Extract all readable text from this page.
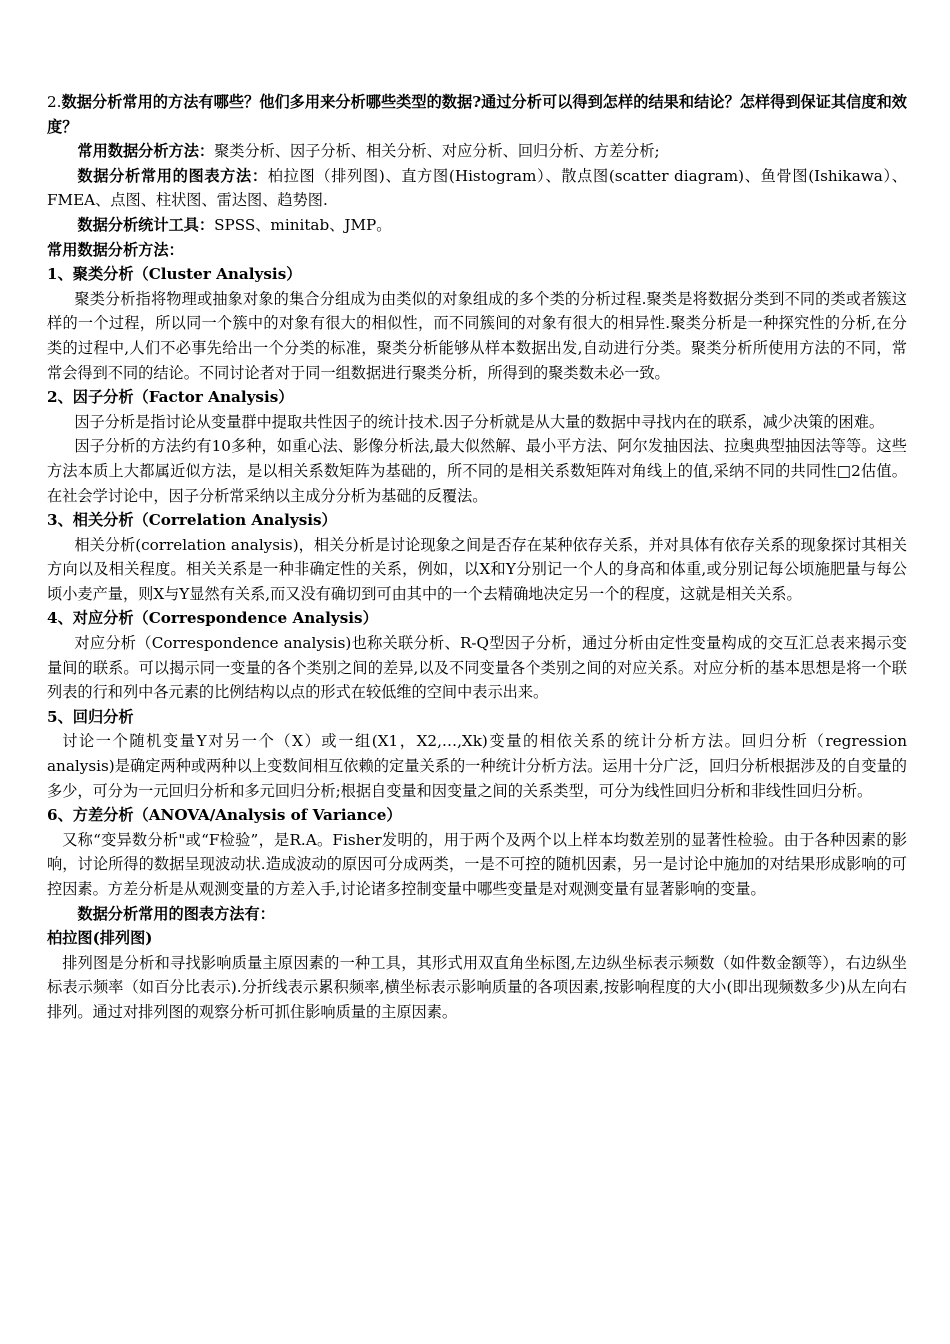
2.数据分析常用的方法有哪些？他们多用来分析哪些类型的数据?通过分析可以得到怎样的结果和结论？怎样得到保证其信度和效度？

常用数据分析方法：聚类分析、因子分析、相关分析、对应分析、回归分析、方差分析;

数据分析常用的图表方法：柏拉图（排列图)、直方图(Histogram）、散点图(scatter diagram)、鱼骨图(Ishikawa）、FMEA、点图、柱状图、雷达图、趋势图.

数据分析统计工具：SPSS、minitab、JMP。

常用数据分析方法：

1、聚类分析（Cluster Analysis）

聚类分析指将物理或抽象对象的集合分组成为由类似的对象组成的多个类的分析过程.聚类是将数据分类到不同的类或者簇这样的一个过程，所以同一个簇中的对象有很大的相似性，而不同簇间的对象有很大的相异性.聚类分析是一种探究性的分析,在分类的过程中,人们不必事先给出一个分类的标准，聚类分析能够从样本数据出发,自动进行分类。聚类分析所使用方法的不同，常常会得到不同的结论。不同讨论者对于同一组数据进行聚类分析，所得到的聚类数未必一致。

2、因子分析（Factor Analysis）

因子分析是指讨论从变量群中提取共性因子的统计技术.因子分析就是从大量的数据中寻找内在的联系，减少决策的困难。

因子分析的方法约有10多种，如重心法、影像分析法,最大似然解、最小平方法、阿尔发抽因法、拉奥典型抽因法等等。这些方法本质上大都属近似方法，是以相关系数矩阵为基础的，所不同的是相关系数矩阵对角线上的值,采纳不同的共同性□2估值。在社会学讨论中，因子分析常采纳以主成分分析为基础的反覆法。

3、相关分析（Correlation Analysis）

相关分析(correlation analysis)，相关分析是讨论现象之间是否存在某种依存关系，并对具体有依存关系的现象探讨其相关方向以及相关程度。相关关系是一种非确定性的关系，例如，以X和Y分别记一个人的身高和体重,或分别记每公顷施肥量与每公顷小麦产量，则X与Y显然有关系,而又没有确切到可由其中的一个去精确地决定另一个的程度，这就是相关关系。

4、对应分析（Correspondence Analysis）

对应分析（Correspondence analysis)也称关联分析、R-Q型因子分析，通过分析由定性变量构成的交互汇总表来揭示变量间的联系。可以揭示同一变量的各个类别之间的差异,以及不同变量各个类别之间的对应关系。对应分析的基本思想是将一个联列表的行和列中各元素的比例结构以点的形式在较低维的空间中表示出来。

5、回归分析

讨论一个随机变量Y对另一个（X）或一组(X1，X2,…,Xk)变量的相依关系的统计分析方法。回归分析（regression analysis)是确定两种或两种以上变数间相互依赖的定量关系的一种统计分析方法。运用十分广泛，回归分析根据涉及的自变量的多少，可分为一元回归分析和多元回归分析;根据自变量和因变量之间的关系类型，可分为线性回归分析和非线性回归分析。

6、方差分析（ANOVA/Analysis of Variance）

又称“变异数分析"或“F检验”，是R.A。Fisher发明的，用于两个及两个以上样本均数差别的显著性检验。由于各种因素的影响，讨论所得的数据呈现波动状.造成波动的原因可分成两类，一是不可控的随机因素，另一是讨论中施加的对结果形成影响的可控因素。方差分析是从观测变量的方差入手,讨论诸多控制变量中哪些变量是对观测变量有显著影响的变量。

数据分析常用的图表方法有：

柏拉图(排列图)

排列图是分析和寻找影响质量主原因素的一种工具，其形式用双直角坐标图,左边纵坐标表示频数（如件数金额等），右边纵坐标表示频率（如百分比表示).分折线表示累积频率,横坐标表示影响质量的各项因素,按影响程度的大小(即出现频数多少)从左向右排列。通过对排列图的观察分析可抓住影响质量的主原因素。
